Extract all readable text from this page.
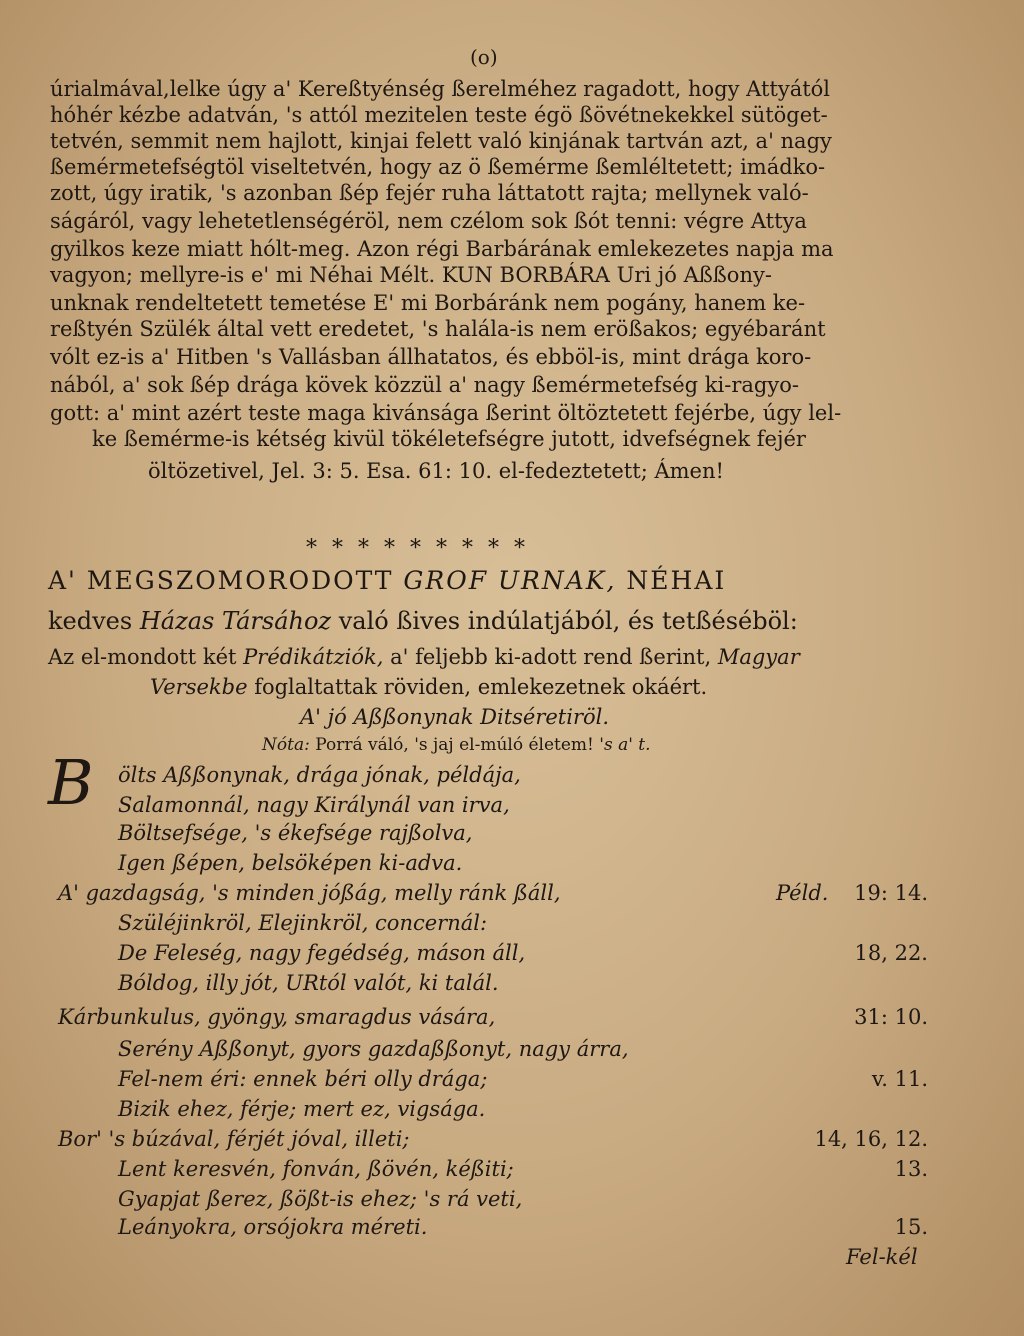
(o)
úrialmával,lelke úgy a' Kereßtyénség ßerelméhez ragadott, hogy Attyától
hóhér kézbe adatván, 's attól mezitelen teste égö ßövétnekekkel sütöget-
tetvén, semmit nem hajlott, kinjai felett való kinjának tartván azt, a' nagy
ßemérmetefségtöl viseltetvén, hogy az ö ßemérme ßemléltetett; imádko-
zott, úgy iratik, 's azonban ßép fejér ruha láttatott rajta; mellynek való-
ságáról, vagy lehetetlenségéröl, nem czélom sok ßót tenni: végre Attya
gyilkos keze miatt hólt-meg. Azon régi Barbárának emlekezetes napja ma
vagyon; mellyre-is e' mi Néhai Mélt. KUN BORBÁRA Uri jó Aßßony-
unknak rendeltetett temetése E' mi Borbáránk nem pogány, hanem ke-
reßtyén Szülék által vett eredetet, 's halála-is nem erößakos; egyébaránt
vólt ez-is a' Hitben 's Vallásban állhatatos, és ebböl-is, mint drága koro-
nából, a' sok ßép drága kövek közzül a' nagy ßemérmetefség ki-ragyo-
gott: a' mint azért teste maga kivánsága ßerint öltöztetett fejérbe, úgy lel-
ke ßemérme-is kétség kivül tökéletefségre jutott, idvefségnek fejér
öltözetivel, Jel. 3: 5. Esa. 61: 10. el-fedeztetett; Ámen!
* * * * * * * * *
A' MEGSZOMORODOTT GROF URNAK, NÉHAI
kedves Házas Társához való ßives indúlatjából, és tetßéséböl:
Az el-mondott két Prédikátziók, a' feljebb ki-adott rend ßerint, Magyar
Versekbe foglaltattak röviden, emlekezetnek okáért.
A' jó Aßßonynak Ditséretiröl.
Nóta: Porrá váló, 's jaj el-múló életem! 's a' t.
B ölts Aßßonynak, drága jónak, példája,
Salamonnál, nagy Királynál van irva,
Böltsefsége, 's ékefsége rajßolva,
Igen ßépen, belsöképen ki-adva.
A' gazdagság, 's minden jóßág, melly ránk ßáll,	Péld. 19: 14.
Szüléjinkröl, Elejinkröl, concernál:
De Feleség, nagy fegédség, máson áll,	18, 22.
Bóldog, illy jót, URtól valót, ki talál.
Kárbunkulus, gyöngy, smaragdus vására,	31: 10.
Serény Aßßonyt, gyors gazdaßßonyt, nagy árra,
Fel-nem éri: ennek béri olly drága;	v. 11.
Bizik ehez, férje; mert ez, vigsága.
Bor' 's búzával, férjét jóval, illeti;	14, 16, 12.
Lent keresvén, fonván, ßövén, kéßiti;	13.
Gyapjat ßerez, ßößt-is ehez; 's rá veti,
Leányokra, orsójokra méreti.	15.
Fel-kél
